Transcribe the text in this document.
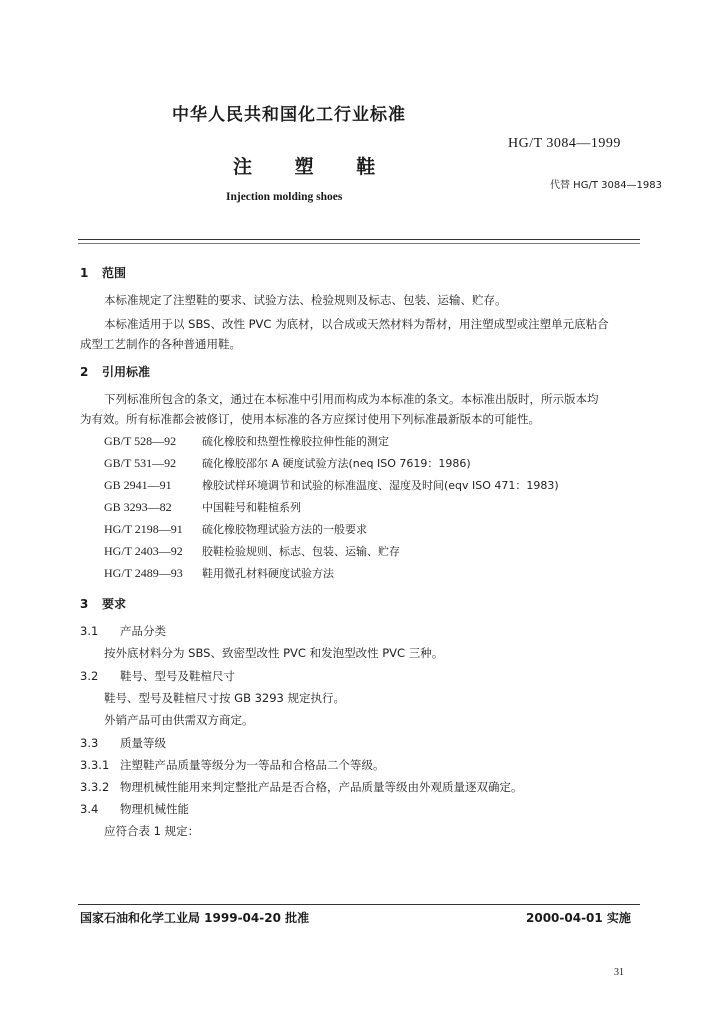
中华人民共和国化工行业标准
HG/T 3084—1999
注 塑 鞋
代替 HG/T 3084—1983
Injection molding shoes
1 范围
本标准规定了注塑鞋的要求、试验方法、检验规则及标志、包装、运输、贮存。
本标准适用于以 SBS、改性 PVC 为底材，以合成或天然材料为帮材，用注塑成型或注塑单元底粘合
成型工艺制作的各种普通用鞋。
2 引用标准
下列标准所包含的条文，通过在本标准中引用而构成为本标准的条文。本标准出版时，所示版本均
为有效。所有标准都会被修订，使用本标准的各方应探讨使用下列标准最新版本的可能性。
GB/T 528—92 硫化橡胶和热塑性橡胶拉伸性能的测定
GB/T 531—92 硫化橡胶邵尔 A 硬度试验方法(neq ISO 7619：1986)
GB 2941—91	橡胶试样环境调节和试验的标准温度、湿度及时间(eqv ISO 471：1983)
GB 3293—82	中国鞋号和鞋楦系列
HG/T 2198—91 硫化橡胶物理试验方法的一般要求
HG/T 2403—92 胶鞋检验规则、标志、包装、运输、贮存
HG/T 2489—93 鞋用微孔材料硬度试验方法
3 要求
3.1 产品分类
按外底材料分为 SBS、致密型改性 PVC 和发泡型改性 PVC 三种。
3.2 鞋号、型号及鞋楦尺寸
鞋号、型号及鞋楦尺寸按 GB 3293 规定执行。
外销产品可由供需双方商定。
3.3 质量等级
3.3.1 注塑鞋产品质量等级分为一等品和合格品二个等级。
3.3.2 物理机械性能用来判定整批产品是否合格，产品质量等级由外观质量逐双确定。
3.4 物理机械性能
应符合表 1 规定：
国家石油和化学工业局 1999-04-20 批准	2000-04-01 实施
31
